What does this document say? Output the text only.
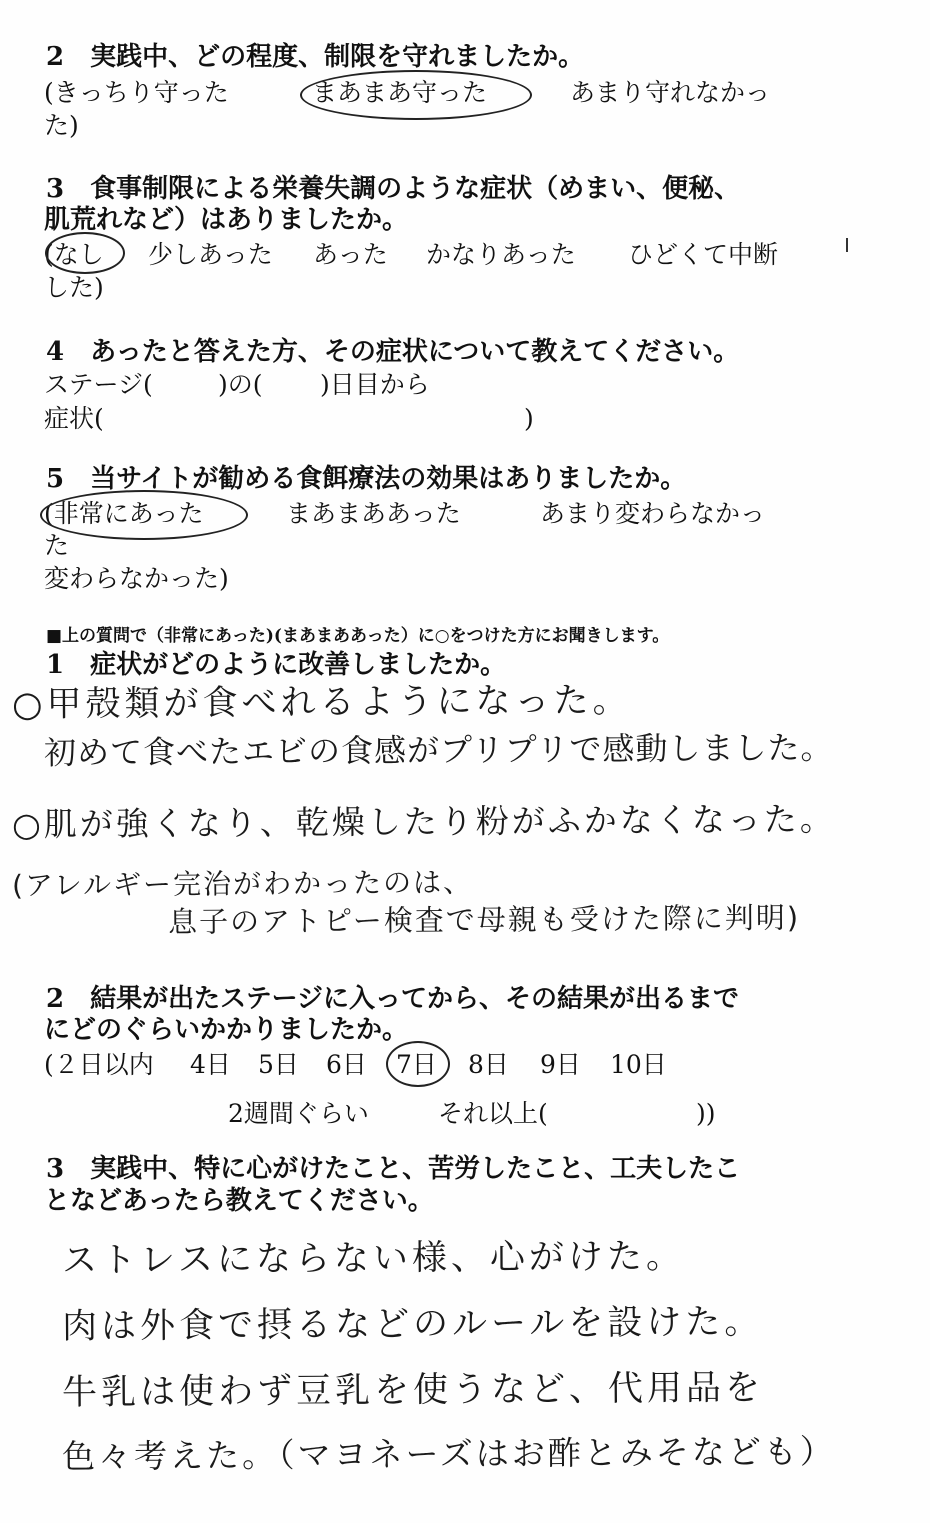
2　実践中、どの程度、制限を守れましたか。
(きっちり守った	まあまあ守った	あまり守れなかっ
た)
3　食事制限による栄養失調のような症状（めまい、便秘、
肌荒れなど）はありましたか。
(なし 少しあった あった かなりあった ひどくて中断
した)
4　あったと答えた方、その症状について教えてください。
ステージ(	)の( )日目から
症状(	)
5　当サイトが勧める食餌療法の効果はありましたか。
(非常にあった	まあまああった	あまり変わらなかっ
た
変わらなかった)
■上の質問で（非常にあった)(まあまああった）に○をつけた方にお聞きします。
1　症状がどのように改善しましたか。
○甲殻類が食べれるようになった。
初めて食べたエビの食感がプリプリで感動しました。
○肌が強くなり、乾燥したり粉がふかなくなった。
(アレルギー完治がわかったのは、
息子のアトピー検査で母親も受けた際に判明)
2　結果が出たステージに入ってから、その結果が出るまで
にどのぐらいかかりましたか。
(２日以内 4日 5日 6日 7日 8日 9日 10日
2週間ぐらい	それ以上(	))
3　実践中、特に心がけたこと、苦労したこと、工夫したこ
となどあったら教えてください。
ストレスにならない様、心がけた。
肉は外食で摂るなどのルールを設けた。
牛乳は使わず豆乳を使うなど、代用品を
色々考えた。（マヨネーズはお酢とみそなども）
